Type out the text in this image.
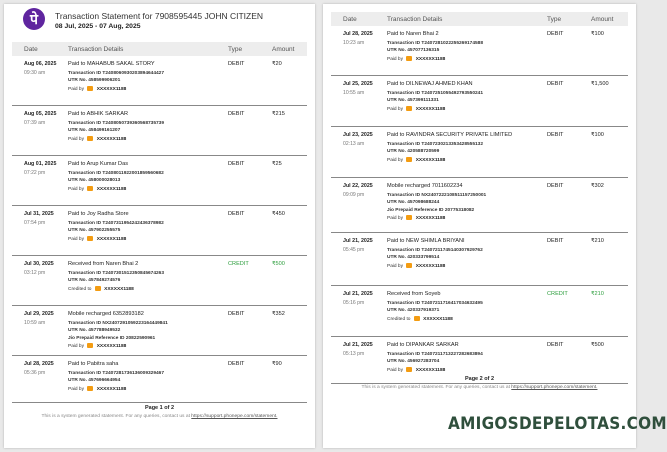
पे	Transaction Statement for 7908595445 JOHN CITIZEN
08 Jul, 2025 - 07 Aug, 2025
Date	Transaction Details	Type	Amount
Aug 06, 2025
09:30 am
Paid to MAHABUB SAKAL STORY
Transaction ID T2408060930203894644427
UTR No. 458599906201
Paid by	XXXXXX1188
DEBIT	₹20
Aug 05, 2025
07:39 am
Paid to ABHIK SARKAR
Transaction ID T2408050739360568735739
UTR No. 458499161207
Paid by	XXXXXX1188
DEBIT	₹215
Aug 01, 2025
07:22 pm
Paid to Arup Kumar Das
Transaction ID T2408011922001859560682
UTR No. 458000028013
Paid by	XXXXXX1188
DEBIT	₹25
Jul 31, 2025
07:54 pm
Paid to Joy Radha Store
Transaction ID T2407311954242436378982
UTR No. 457902255575
Paid by	XXXXXX1188
DEBIT	₹450
Jul 30, 2025
03:12 pm
Received from Naren Bhai 2
Transaction ID T2407301512350845674263
UTR No. 457849274576
Credited to	XXXXXX1188
CREDIT	₹500
Jul 29, 2025
10:59 am
Mobile recharged 6352893182
Transaction ID NX2407291059223164449841
UTR No. 457788949532
Jio Prepaid Reference ID 20822590961
Paid by	XXXXXX1188
DEBIT	₹352
Jul 28, 2025
05:36 pm
Paid to Pabitra saha
Transaction ID T2407281736136009329467
UTR No. 457696664954
Paid by	XXXXXX1188
DEBIT	₹90
Page 1 of 2
This is a system generated statement. For any queries, contact us at https://support.phonepe.com/statement.
Date	Transaction Details	Type	Amount
Jul 28, 2025
10:23 am
Paid to Naren Bhai 2
Transaction ID T2407281022255269174588
UTR No. 457077136315
Paid by	XXXXXX1188
DEBIT	₹100
Jul 25, 2025
10:55 am
Paid to DILNEWAJ AHMED KHAN
Transaction ID T2407251055492793550241
UTR No. 457399111331
Paid by	XXXXXX1188
DEBIT	₹1,500
Jul 23, 2025
02:13 am
Paid to RAVINDRA SECURITY PRIVATE LIMITED
Transaction ID T2407230213353428555132
UTR No. 420588720599
Paid by	XXXXXX1188
DEBIT	₹100
Jul 22, 2025
09:09 pm
Mobile recharged 7011602234
Transaction ID NX2407222108511157250001
UTR No. 457098688244
Jio Prepaid Reference ID 20775318082
Paid by	XXXXXX1188
DEBIT	₹302
Jul 21, 2025
05:45 pm
Paid to NEW SHIMLA BRIYANI
Transaction ID T2407211745140307929762
UTR No. 420333799514
Paid by	XXXXXX1188
DEBIT	₹210
Jul 21, 2025
05:16 pm
Received from Soyeb
Transaction ID T2407211716417034632495
UTR No. 420337919371
Credited to	XXXXXX1188
CREDIT	₹210
Jul 21, 2025
05:13 pm
Paid to DIPANKAR SARKAR
Transaction ID T2407211713227282683894
UTR No. 456927283704
Paid by	XXXXXX1188
DEBIT	₹500
Page 2 of 2
This is a system generated statement. For any queries, contact us at https://support.phonepe.com/statement.
AMIGOSDEPELOTAS.COM
